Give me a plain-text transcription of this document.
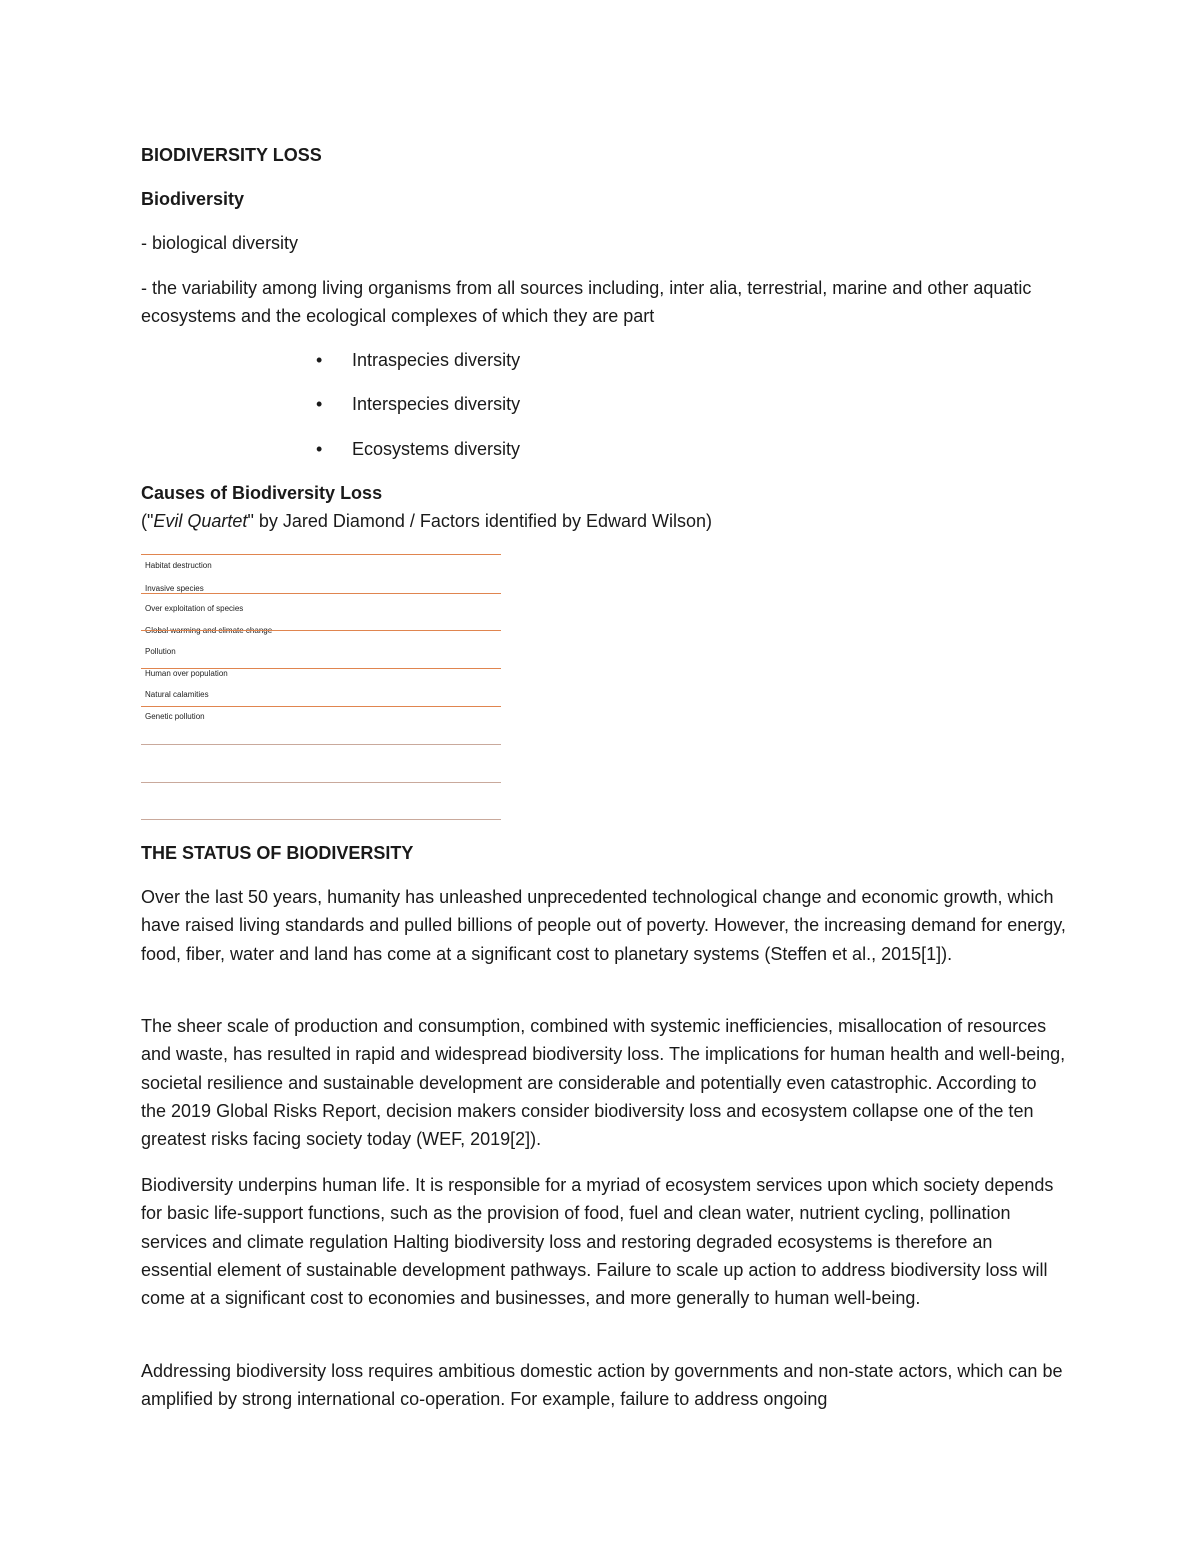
BIODIVERSITY LOSS
Biodiversity
- biological diversity
- the variability among living organisms from all sources including, inter alia, terrestrial, marine and other aquatic ecosystems and the ecological complexes of which they are part
• Intraspecies diversity
• Interspecies diversity
• Ecosystems diversity
Causes of Biodiversity Loss
("Evil Quartet" by Jared Diamond / Factors identified by Edward Wilson)
Habitat destruction
Invasive species
Over exploitation of species
Global warming and climate change
Pollution
Human over population
Natural calamities
Genetic pollution
THE STATUS OF BIODIVERSITY
Over the last 50 years, humanity has unleashed unprecedented technological change and economic growth, which have raised living standards and pulled billions of people out of poverty. However, the increasing demand for energy, food, fiber, water and land has come at a significant cost to planetary systems (Steffen et al., 2015[1]).
The sheer scale of production and consumption, combined with systemic inefficiencies, misallocation of resources and waste, has resulted in rapid and widespread biodiversity loss. The implications for human health and well-being, societal resilience and sustainable development are considerable and potentially even catastrophic. According to the 2019 Global Risks Report, decision makers consider biodiversity loss and ecosystem collapse one of the ten greatest risks facing society today (WEF, 2019[2]).
Biodiversity underpins human life. It is responsible for a myriad of ecosystem services upon which society depends for basic life-support functions, such as the provision of food, fuel and clean water, nutrient cycling, pollination services and climate regulation Halting biodiversity loss and restoring degraded ecosystems is therefore an essential element of sustainable development pathways. Failure to scale up action to address biodiversity loss will come at a significant cost to economies and businesses, and more generally to human well-being.
Addressing biodiversity loss requires ambitious domestic action by governments and non-state actors, which can be amplified by strong international co-operation. For example, failure to address ongoing
